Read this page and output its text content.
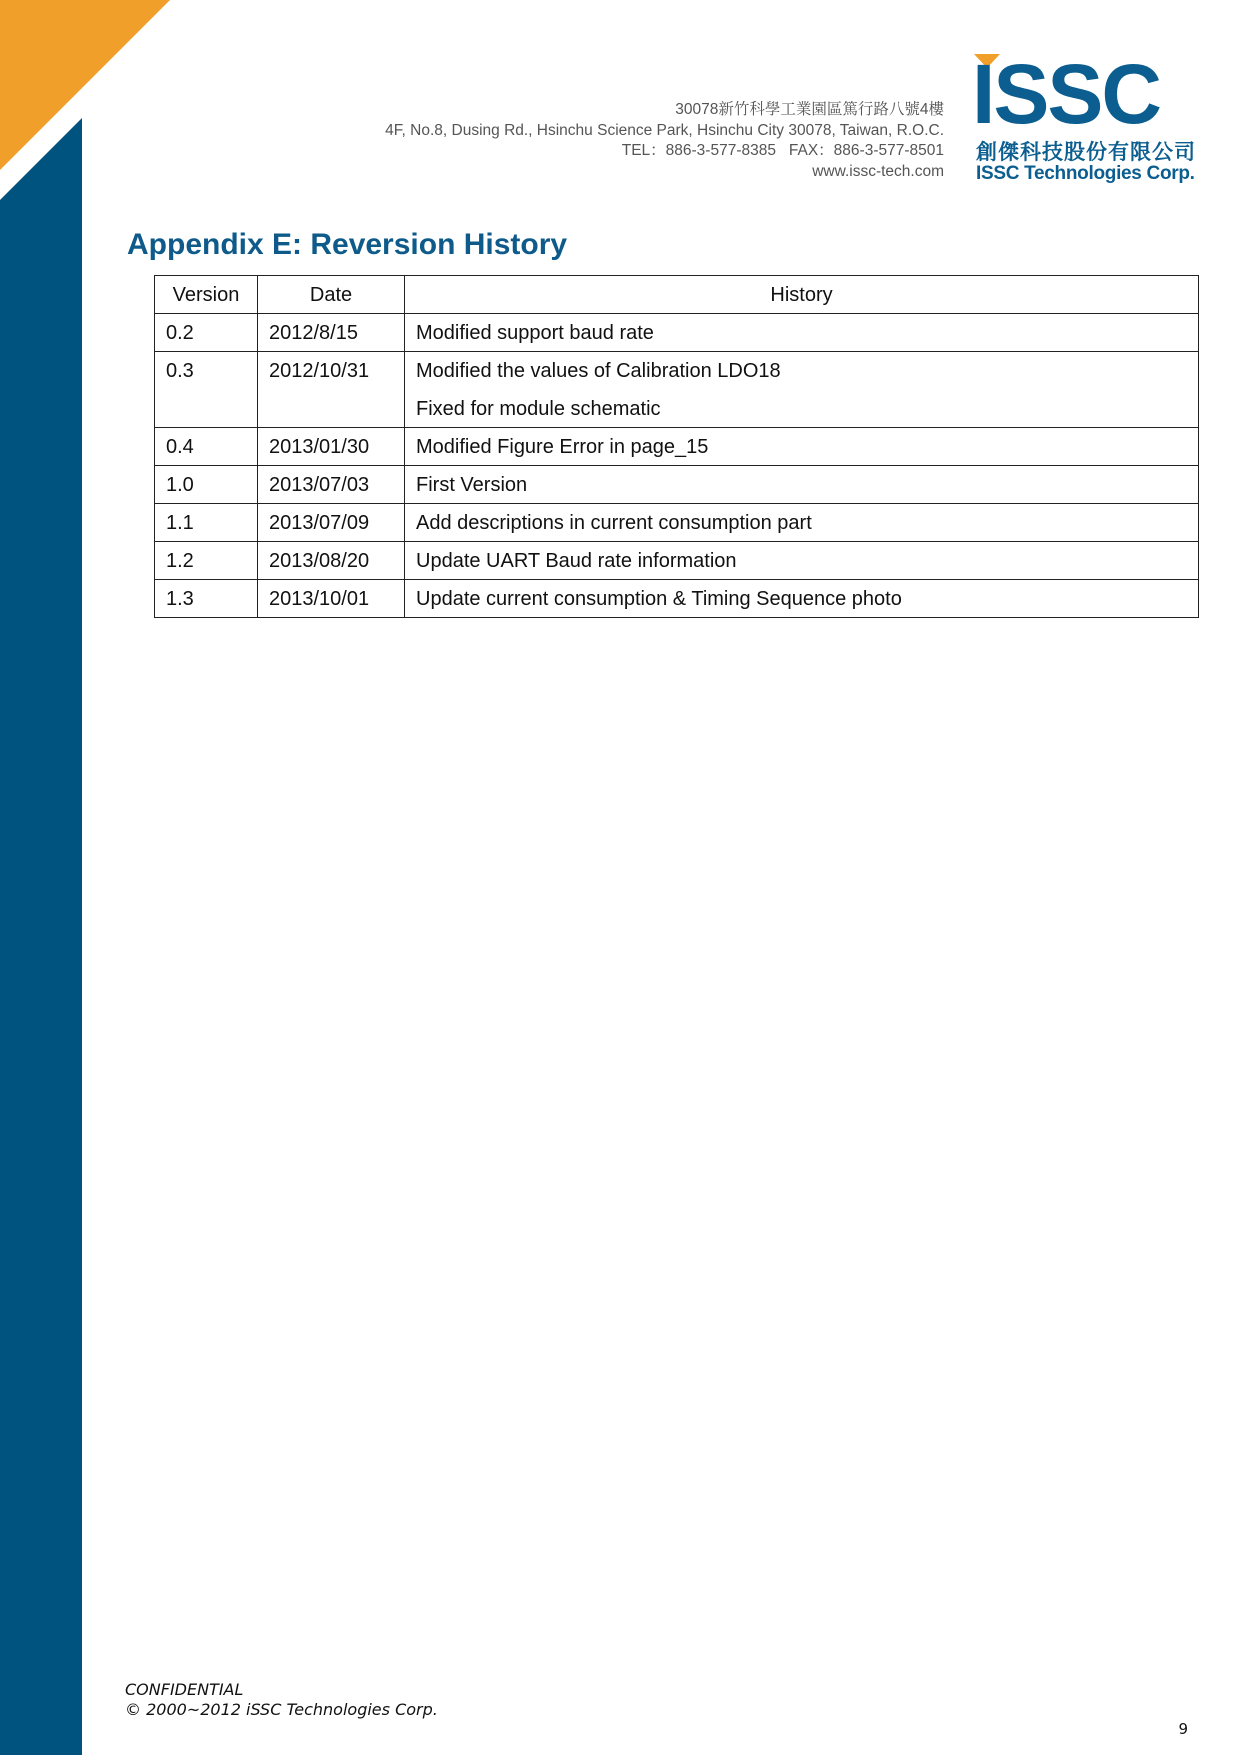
30078新竹科學工業園區篤行路八號4樓
4F, No.8, Dusing Rd., Hsinchu Science Park, Hsinchu City 30078, Taiwan, R.O.C.
TEL：886-3-577-8385   FAX：886-3-577-8501
www.issc-tech.com
ISSC
創傑科技股份有限公司
ISSC Technologies Corp.
Appendix E: Reversion History
Version	Date	History
0.2	2012/8/15	Modified support baud rate

0.3	2012/10/31	Modified the values of Calibration LDO18
Fixed for module schematic

0.4	2013/01/30	Modified Figure Error in page_15

1.0	2013/07/03	First Version

1.1	2013/07/09	Add descriptions in current consumption part

1.2	2013/08/20	Update UART Baud rate information

1.3	2013/10/01	Update current consumption & Timing Sequence photo
CONFIDENTIAL
© 2000~2012 iSSC Technologies Corp.
9
